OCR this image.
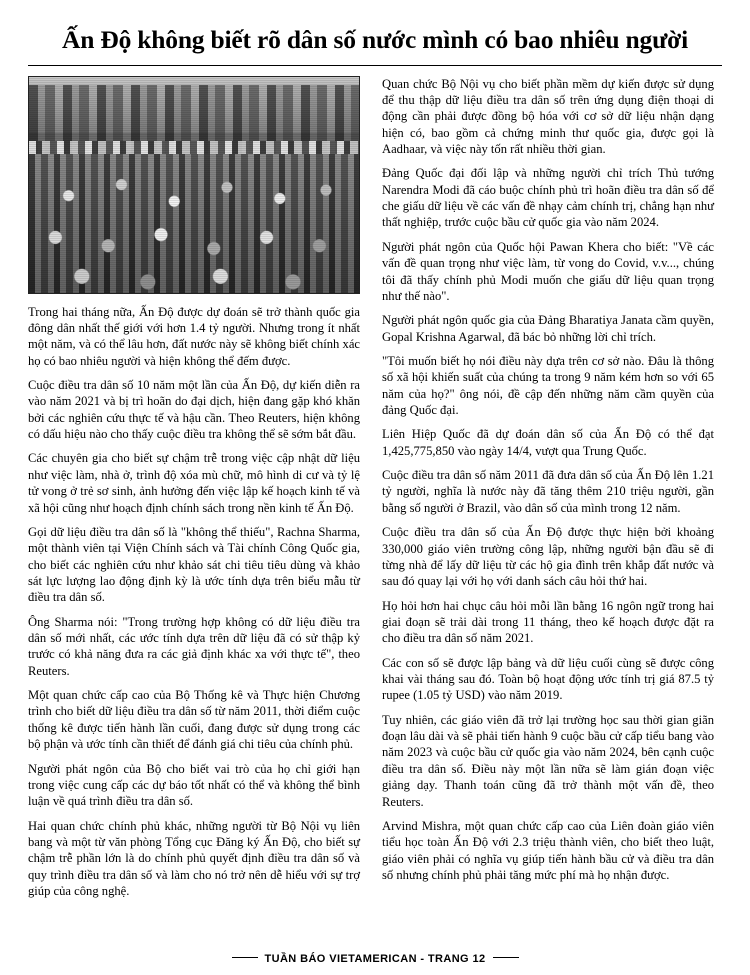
Ấn Độ không biết rõ dân số nước mình có bao nhiêu người

Trong hai tháng nữa, Ấn Độ được dự đoán sẽ trở thành quốc gia đông dân nhất thế giới với hơn 1.4 tỷ người. Nhưng trong ít nhất một năm, và có thể lâu hơn, đất nước này sẽ không biết chính xác họ có bao nhiêu người và hiện không thể đếm được.

Cuộc điều tra dân số 10 năm một lần của Ấn Độ, dự kiến diễn ra vào năm 2021 và bị trì hoãn do đại dịch, hiện đang gặp khó khăn bởi các nghiên cứu thực tế và hậu cần. Theo Reuters, hiện không có dấu hiệu nào cho thấy cuộc điều tra không thể sẽ sớm bắt đầu.

Các chuyên gia cho biết sự chậm trễ trong việc cập nhật dữ liệu như việc làm, nhà ở, trình độ xóa mù chữ, mô hình di cư và tỷ lệ tử vong ở trẻ sơ sinh, ảnh hưởng đến việc lập kế hoạch kinh tế và xã hội cũng như hoạch định chính sách trong nền kinh tế Ấn Độ.

Gọi dữ liệu điều tra dân số là "không thể thiếu", Rachna Sharma, một thành viên tại Viện Chính sách và Tài chính Công Quốc gia, cho biết các nghiên cứu như khảo sát chi tiêu tiêu dùng và khảo sát lực lượng lao động định kỳ là ước tính dựa trên biểu mẫu từ điều tra dân số.

Ông Sharma nói: "Trong trường hợp không có dữ liệu điều tra dân số mới nhất, các ước tính dựa trên dữ liệu đã có sử thập kỷ trước có khả năng đưa ra các giả định khác xa với thực tế", theo Reuters.

Một quan chức cấp cao của Bộ Thống kê và Thực hiện Chương trình cho biết dữ liệu điều tra dân số từ năm 2011, thời điểm cuộc thống kê được tiến hành lần cuối, đang được sử dụng trong các bộ phận và ước tính cần thiết để đánh giá chi tiêu của chính phủ.

Người phát ngôn của Bộ cho biết vai trò của họ chỉ giới hạn trong việc cung cấp các dự báo tốt nhất có thể và không thể bình luận về quá trình điều tra dân số.

Hai quan chức chính phủ khác, những người từ Bộ Nội vụ liên bang và một từ văn phòng Tổng cục Đăng ký Ấn Độ, cho biết sự chậm trễ phần lớn là do chính phủ quyết định điều tra dân số và quy trình điều tra dân số và làm cho nó trở nên dễ hiểu với sự trợ giúp của công nghệ.

Quan chức Bộ Nội vụ cho biết phần mềm dự kiến được sử dụng để thu thập dữ liệu điều tra dân số trên ứng dụng điện thoại di động cần phải được đồng bộ hóa với cơ sở dữ liệu nhận dạng hiện có, bao gồm cả chứng minh thư quốc gia, được gọi là Aadhaar, và việc này tốn rất nhiều thời gian.

Đảng Quốc đại đối lập và những người chỉ trích Thủ tướng Narendra Modi đã cáo buộc chính phủ trì hoãn điều tra dân số để che giấu dữ liệu về các vấn đề nhạy cảm chính trị, chẳng hạn như thất nghiệp, trước cuộc bầu cử quốc gia vào năm 2024.

Người phát ngôn của Quốc hội Pawan Khera cho biết: "Về các vấn đề quan trọng như việc làm, từ vong do Covid, v.v..., chúng tôi đã thấy chính phủ Modi muốn che giấu dữ liệu quan trọng như thế nào".

Người phát ngôn quốc gia của Đảng Bharatiya Janata cầm quyền, Gopal Krishna Agarwal, đã bác bỏ những lời chỉ trích.

"Tôi muốn biết họ nói điều này dựa trên cơ sở nào. Đâu là thông số xã hội khiến suất của chúng ta trong 9 năm kém hơn so với 65 năm của họ?" ông nói, đề cập đến những năm cầm quyền của đảng Quốc đại.

Liên Hiệp Quốc đã dự đoán dân số của Ấn Độ có thể đạt 1,425,775,850 vào ngày 14/4, vượt qua Trung Quốc.

Cuộc điều tra dân số năm 2011 đã đưa dân số của Ấn Độ lên 1.21 tỷ người, nghĩa là nước này đã tăng thêm 210 triệu người, gần bằng số người ở Brazil, vào dân số của mình trong 12 năm.

Cuộc điều tra dân số của Ấn Độ được thực hiện bởi khoảng 330,000 giáo viên trường công lập, những người bận đầu sẽ đi từng nhà để lấy dữ liệu từ các hộ gia đình trên khắp đất nước và sau đó quay lại với họ với danh sách câu hỏi thứ hai.

Họ hỏi hơn hai chục câu hỏi mỗi lần bằng 16 ngôn ngữ trong hai giai đoạn sẽ trải dài trong 11 tháng, theo kế hoạch được đặt ra cho điều tra dân số năm 2021.

Các con số sẽ được lập bảng và dữ liệu cuối cùng sẽ được công khai vài tháng sau đó. Toàn bộ hoạt động ước tính trị giá 87.5 tỷ rupee (1.05 tỷ USD) vào năm 2019.

Tuy nhiên, các giáo viên đã trở lại trường học sau thời gian giãn đoạn lâu dài và sẽ phải tiến hành 9 cuộc bầu cử cấp tiểu bang vào năm 2023 và cuộc bầu cử quốc gia vào năm 2024, bên cạnh cuộc điều tra dân số. Điều này một lần nữa sẽ làm gián đoạn việc giảng dạy. Thanh toán cũng đã trở thành một vấn đề, theo Reuters.

Arvind Mishra, một quan chức cấp cao của Liên đoàn giáo viên tiểu học toàn Ấn Độ với 2.3 triệu thành viên, cho biết theo luật, giáo viên phải có nghĩa vụ giúp tiến hành bầu cử và điều tra dân số nhưng chính phủ phải tăng mức phí mà họ nhận được.

TUẦN BÁO VIETAMERICAN - TRANG 12
